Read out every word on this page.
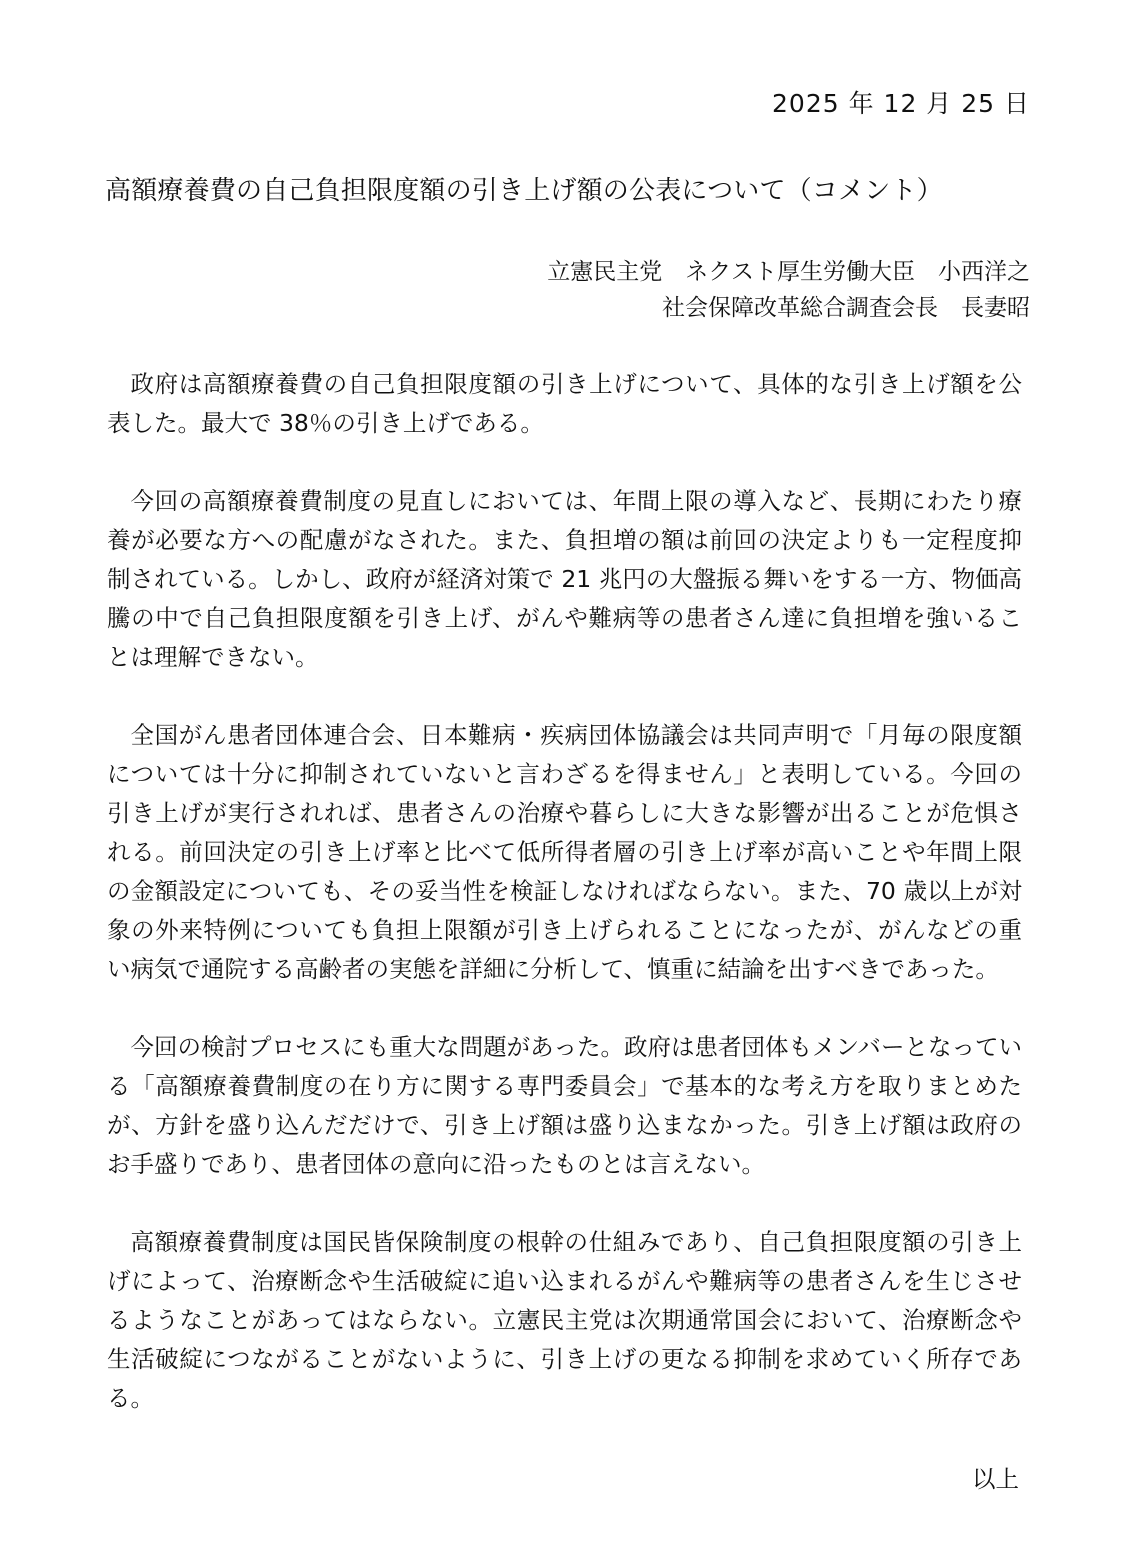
2025 年 12 月 25 日
高額療養費の自己負担限度額の引き上げ額の公表について（コメント）
立憲民主党　ネクスト厚生労働大臣　小西洋之
社会保障改革総合調査会長　長妻昭

政府は高額療養費の自己負担限度額の引き上げについて、具体的な引き上げ額を公表した。最大で 38％の引き上げである。

今回の高額療養費制度の見直しにおいては、年間上限の導入など、長期にわたり療養が必要な方への配慮がなされた。また、負担増の額は前回の決定よりも一定程度抑制されている。しかし、政府が経済対策で 21 兆円の大盤振る舞いをする一方、物価高騰の中で自己負担限度額を引き上げ、がんや難病等の患者さん達に負担増を強いることは理解できない。

全国がん患者団体連合会、日本難病・疾病団体協議会は共同声明で「月毎の限度額については十分に抑制されていないと言わざるを得ません」と表明している。今回の引き上げが実行されれば、患者さんの治療や暮らしに大きな影響が出ることが危惧される。前回決定の引き上げ率と比べて低所得者層の引き上げ率が高いことや年間上限の金額設定についても、その妥当性を検証しなければならない。また、70 歳以上が対象の外来特例についても負担上限額が引き上げられることになったが、がんなどの重い病気で通院する高齢者の実態を詳細に分析して、慎重に結論を出すべきであった。

今回の検討プロセスにも重大な問題があった。政府は患者団体もメンバーとなっている「高額療養費制度の在り方に関する専門委員会」で基本的な考え方を取りまとめたが、方針を盛り込んだだけで、引き上げ額は盛り込まなかった。引き上げ額は政府のお手盛りであり、患者団体の意向に沿ったものとは言えない。

高額療養費制度は国民皆保険制度の根幹の仕組みであり、自己負担限度額の引き上げによって、治療断念や生活破綻に追い込まれるがんや難病等の患者さんを生じさせるようなことがあってはならない。立憲民主党は次期通常国会において、治療断念や生活破綻につながることがないように、引き上げの更なる抑制を求めていく所存である。

以上
